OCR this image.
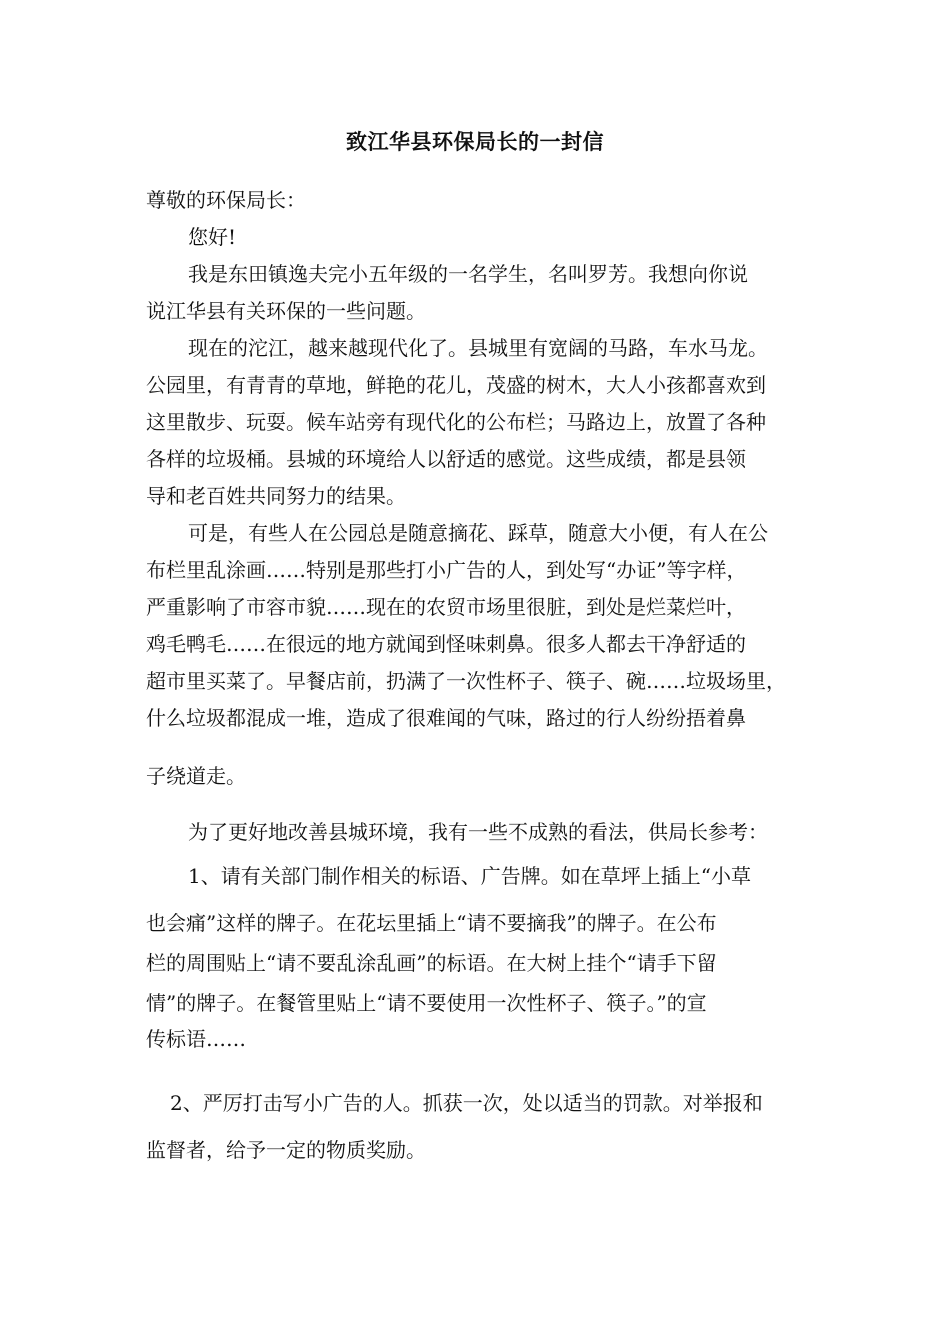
致江华县环保局长的一封信
尊敬的环保局长：
您好!
我是东田镇逸夫完小五年级的一名学生，名叫罗芳。我想向你说
说江华县有关环保的一些问题。
现在的沱江，越来越现代化了。县城里有宽阔的马路，车水马龙。
公园里，有青青的草地，鲜艳的花儿，茂盛的树木，大人小孩都喜欢到
这里散步、玩耍。候车站旁有现代化的公布栏；马路边上，放置了各种
各样的垃圾桶。县城的环境给人以舒适的感觉。这些成绩，都是县领
导和老百姓共同努力的结果。
可是，有些人在公园总是随意摘花、踩草，随意大小便，有人在公
布栏里乱涂画……特别是那些打小广告的人，到处写“办证”等字样，
严重影响了市容市貌……现在的农贸市场里很脏，到处是烂菜烂叶，
鸡毛鸭毛……在很远的地方就闻到怪味刺鼻。很多人都去干净舒适的
超市里买菜了。早餐店前，扔满了一次性杯子、筷子、碗……垃圾场里，
什么垃圾都混成一堆，造成了很难闻的气味，路过的行人纷纷捂着鼻
子绕道走。
为了更好地改善县城环境，我有一些不成熟的看法，供局长参考：
1、请有关部门制作相关的标语、广告牌。如在草坪上插上“小草
也会痛”这样的牌子。在花坛里插上“请不要摘我”的牌子。在公布
栏的周围贴上“请不要乱涂乱画”的标语。在大树上挂个“请手下留
情”的牌子。在餐管里贴上“请不要使用一次性杯子、筷子。”的宣
传标语……
2、严厉打击写小广告的人。抓获一次，处以适当的罚款。对举报和
监督者，给予一定的物质奖励。
